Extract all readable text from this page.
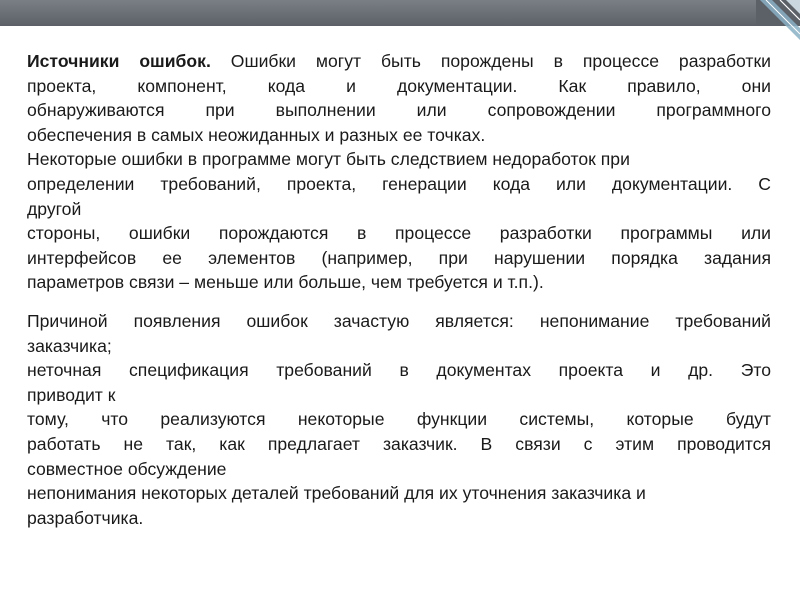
Источники ошибок. Ошибки могут быть порождены в процессе разработки
проекта, компонент, кода и документации. Как правило, они
обнаруживаются при выполнении или сопровождении программного
обеспечения в самых неожиданных и разных ее точках.
Некоторые ошибки в программе могут быть следствием недоработок при
определении требований, проекта, генерации кода или документации. С
другой
стороны, ошибки порождаются в процессе разработки программы или
интерфейсов ее элементов (например, при нарушении порядка задания
параметров связи – меньше или больше, чем требуется и т.п.).
Причиной появления ошибок зачастую является: непонимание требований
заказчика;
неточная спецификация требований в документах проекта и др. Это
приводит к
тому, что реализуются некоторые функции системы, которые будут
работать не так, как предлагает заказчик. В связи с этим проводится
совместное обсуждение
непонимания некоторых деталей требований для их уточнения заказчика и
разработчика.
